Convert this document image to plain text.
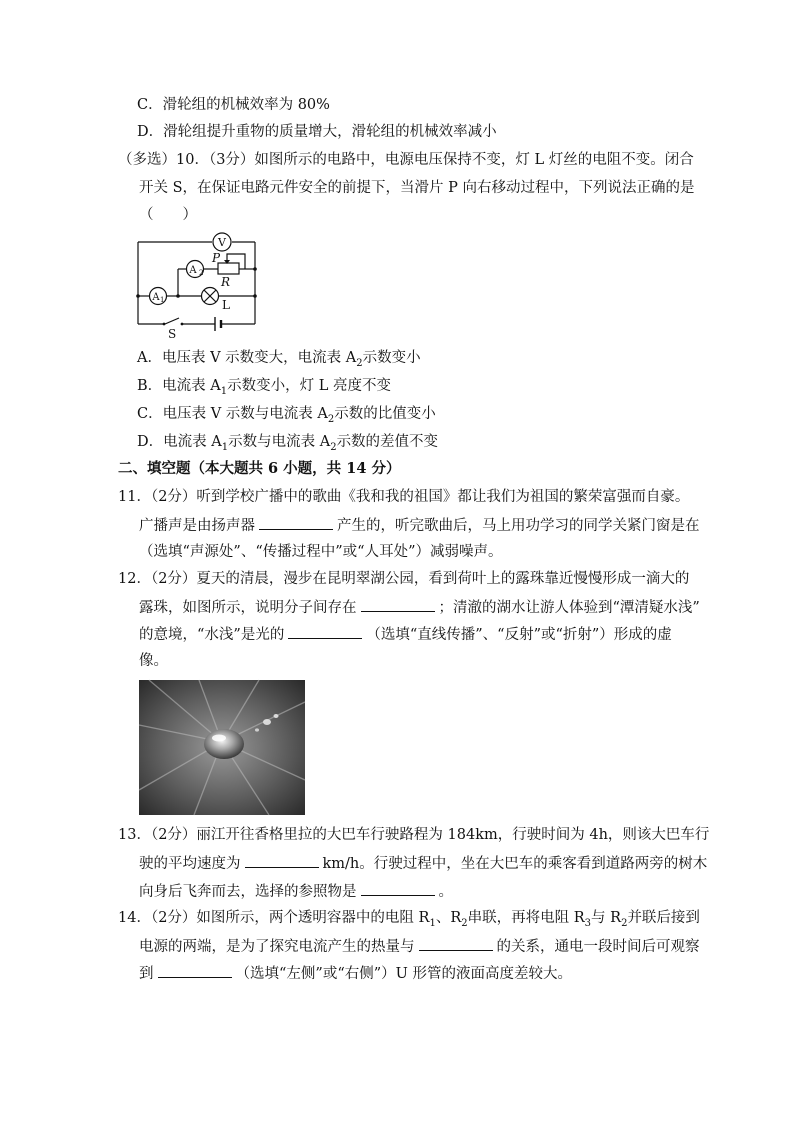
C．滑轮组的机械效率为 80%
D．滑轮组提升重物的质量增大，滑轮组的机械效率减小
（多选）10．（3分）如图所示的电路中，电源电压保持不变，灯 L 灯丝的电阻不变。闭合
开关 S，在保证电路元件安全的前提下，当滑片 P 向右移动过程中，下列说法正确的是
（　　）
V
A 2
A 1
P
R
L
S
A．电压表 V 示数变大，电流表 $A_2$示数变小
B．电流表 $A_1$示数变小，灯 L 亮度不变
C．电压表 V 示数与电流表 $A_2$示数的比值变小
D．电流表 $A_1$示数与电流表 $A_2$示数的差值不变
二、填空题（本大题共 6 小题，共 14 分）
11．（2分）听到学校广播中的歌曲《我和我的祖国》都让我们为祖国的繁荣富强而自豪。
广播声是由扬声器	产生的，听完歌曲后，马上用功学习的同学关紧门窗是在
（选填“声源处”、“传播过程中”或“人耳处”）减弱噪声。
12．（2分）夏天的清晨，漫步在昆明翠湖公园，看到荷叶上的露珠靠近慢慢形成一滴大的
露珠，如图所示，说明分子间存在	；清澈的湖水让游人体验到“潭清疑水浅”
的意境，“水浅”是光的	（选填“直线传播”、“反射”或“折射”）形成的虚
像。
13．（2分）丽江开往香格里拉的大巴车行驶路程为 184km，行驶时间为 4h，则该大巴车行
驶的平均速度为	km/h。行驶过程中，坐在大巴车的乘客看到道路两旁的树木
向身后飞奔而去，选择的参照物是	。
14．（2分）如图所示，两个透明容器中的电阻 $R_1$、$R_2$串联，再将电阻 $R_3$与 $R_2$并联后接到
电源的两端，是为了探究电流产生的热量与	的关系，通电一段时间后可观察
到	（选填“左侧”或“右侧”）U 形管的液面高度差较大。
